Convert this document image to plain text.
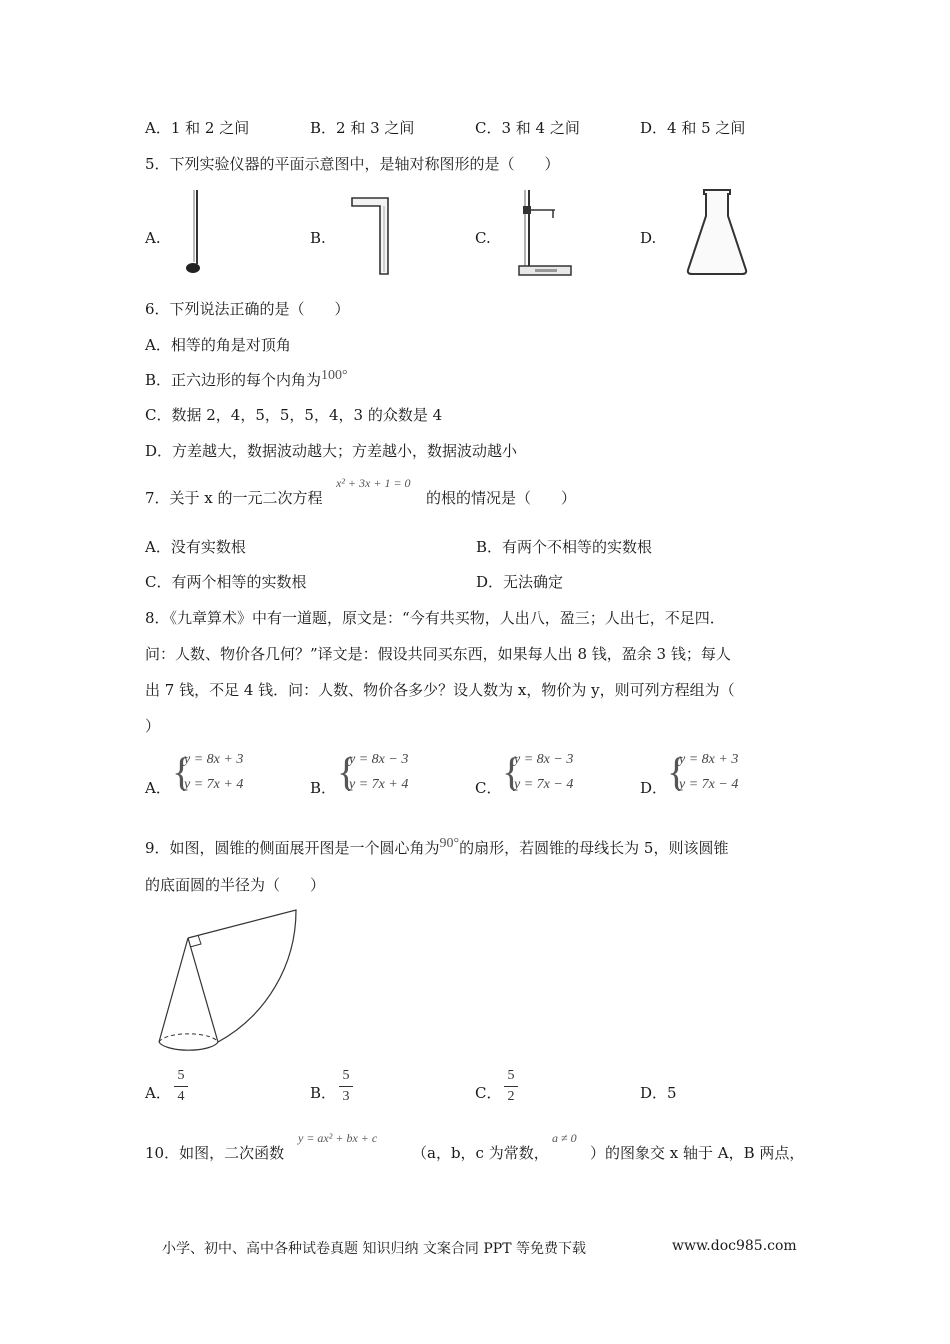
A．1 和 2 之间	B．2 和 3 之间	C．3 和 4 之间	D．4 和 5 之间
5．下列实验仪器的平面示意图中，是轴对称图形的是（　　）
A.	B.	C.	D.
6．下列说法正确的是（　　）
A．相等的角是对顶角
B．正六边形的每个内角为100°
C．数据 2，4，5，5，5，4，3 的众数是 4
D．方差越大，数据波动越大；方差越小，数据波动越小
7．关于 x 的一元二次方程
x² + 3x + 1 = 0
的根的情况是（　　）
A．没有实数根	B．有两个不相等的实数根
C．有两个相等的实数根	D．无法确定
8．《九章算术》中有一道题，原文是：“今有共买物，人出八，盈三；人出七，不足四．
问：人数、物价各几何？”译文是：假设共同买东西，如果每人出 8 钱，盈余 3 钱；每人
出 7 钱，不足 4 钱．问：人数、物价各多少？设人数为 x，物价为 y，则可列方程组为（
）
A． {
y = 8x + 3
y = 7x + 4	B． {
y = 8x − 3
y = 7x + 4	C． {
y = 8x − 3
y = 7x − 4	D． {
y = 8x + 3
y = 7x − 4
9．如图，圆锥的侧面展开图是一个圆心角为90°的扇形，若圆锥的母线长为 5，则该圆锥
的底面圆的半径为（　　）
A．
5
4	B．
5
3	C．
5
2	D．5
10．如图，二次函数
y = ax² + bx + c
（a，b，c 为常数，
a ≠ 0
）的图象交 x 轴于 A，B 两点，
小学、初中、高中各种试卷真题 知识归纳 文案合同 PPT 等免费下载	www.doc985.com
